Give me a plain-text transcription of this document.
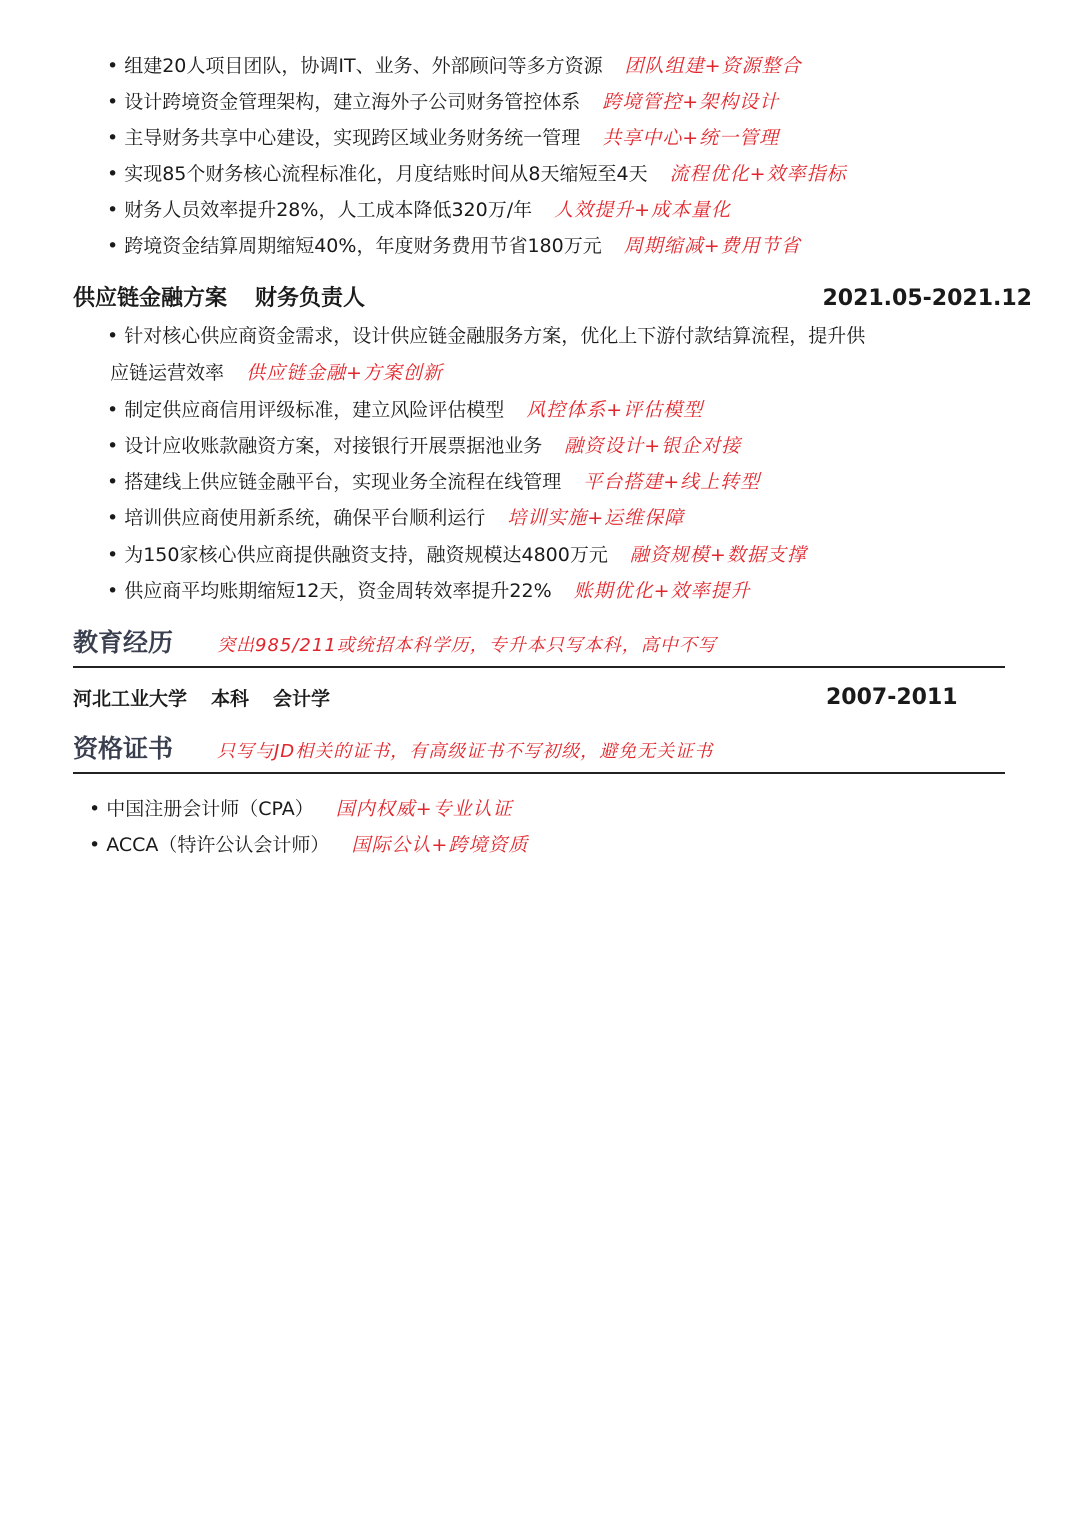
• 组建20人项目团队，协调IT、业务、外部顾问等多方资源 团队组建+资源整合
• 设计跨境资金管理架构，建立海外子公司财务管控体系 跨境管控+架构设计
• 主导财务共享中心建设，实现跨区域业务财务统一管理 共享中心+统一管理
• 实现85个财务核心流程标准化，月度结账时间从8天缩短至4天 流程优化+效率指标
• 财务人员效率提升28%，人工成本降低320万/年 人效提升+成本量化
• 跨境资金结算周期缩短40%，年度财务费用节省180万元 周期缩减+费用节省
供应链金融方案 财务负责人	2021.05-2021.12
• 针对核心供应商资金需求，设计供应链金融服务方案，优化上下游付款结算流程，提升供
应链运营效率 供应链金融+方案创新
• 制定供应商信用评级标准，建立风险评估模型 风控体系+评估模型
• 设计应收账款融资方案，对接银行开展票据池业务 融资设计+银企对接
• 搭建线上供应链金融平台，实现业务全流程在线管理 平台搭建+线上转型
• 培训供应商使用新系统，确保平台顺利运行 培训实施+运维保障
• 为150家核心供应商提供融资支持，融资规模达4800万元 融资规模+数据支撑
• 供应商平均账期缩短12天，资金周转效率提升22% 账期优化+效率提升
教育经历 突出985/211或统招本科学历，专升本只写本科，高中不写
河北工业大学 本科 会计学	2007-2011
资格证书 只写与JD相关的证书，有高级证书不写初级，避免无关证书
• 中国注册会计师（CPA） 国内权威+专业认证
• ACCA（特许公认会计师） 国际公认+跨境资质
